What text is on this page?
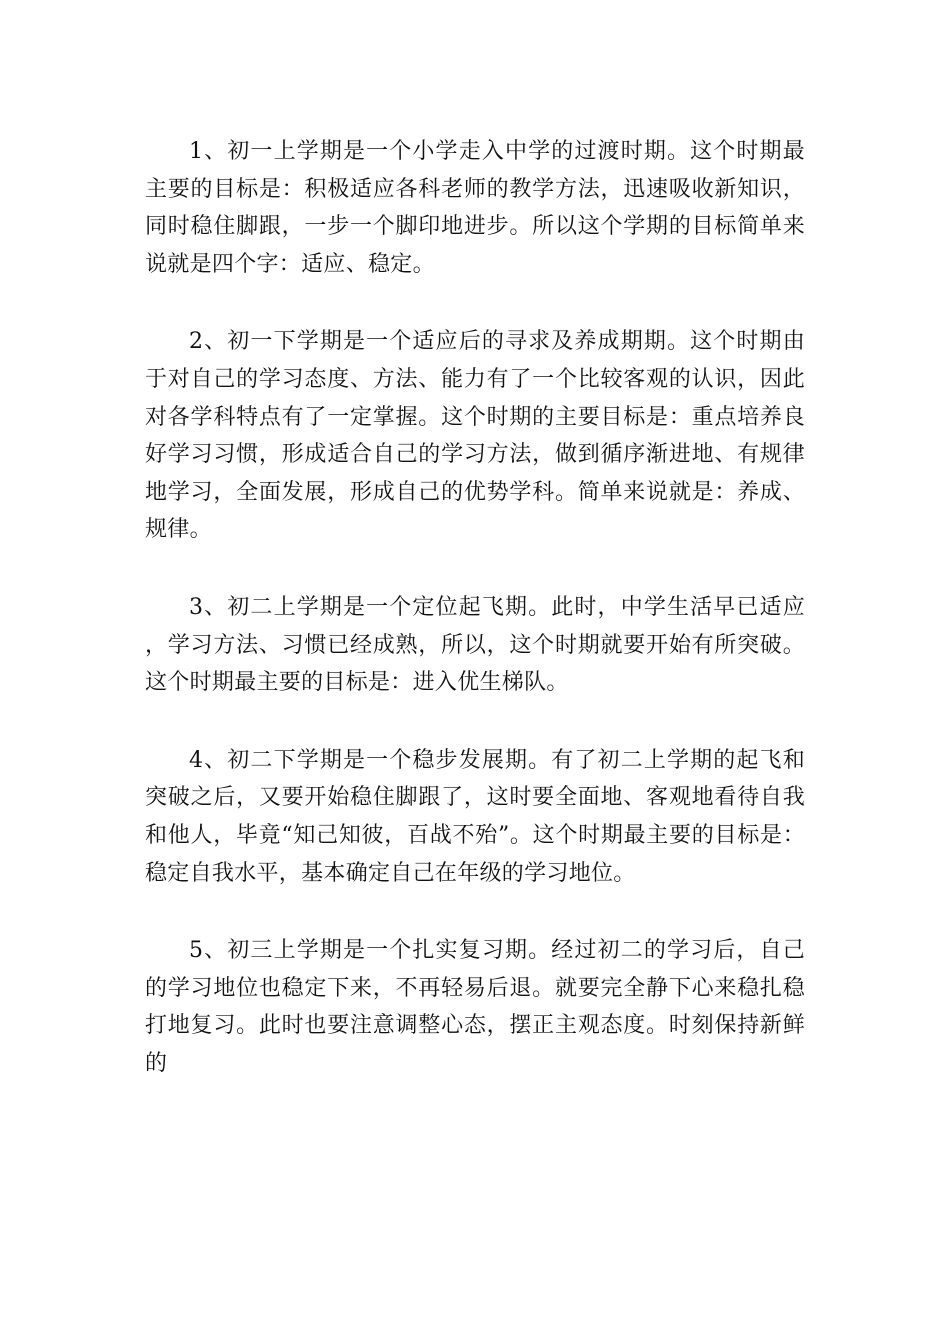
1、初一上学期是一个小学走入中学的过渡时期。这个时期最主要的目标是：积极适应各科老师的教学方法，迅速吸收新知识，同时稳住脚跟，一步一个脚印地进步。所以这个学期的目标简单来说就是四个字：适应、稳定。

2、初一下学期是一个适应后的寻求及养成期期。这个时期由于对自己的学习态度、方法、能力有了一个比较客观的认识，因此对各学科特点有了一定掌握。这个时期的主要目标是：重点培养良好学习习惯，形成适合自己的学习方法，做到循序渐进地、有规律地学习，全面发展，形成自己的优势学科。简单来说就是：养成、规律。

3、初二上学期是一个定位起飞期。此时，中学生活早已适应，学习方法、习惯已经成熟，所以，这个时期就要开始有所突破。这个时期最主要的目标是：进入优生梯队。

4、初二下学期是一个稳步发展期。有了初二上学期的起飞和突破之后，又要开始稳住脚跟了，这时要全面地、客观地看待自我和他人，毕竟“知己知彼，百战不殆”。这个时期最主要的目标是：稳定自我水平，基本确定自己在年级的学习地位。

5、初三上学期是一个扎实复习期。经过初二的学习后，自己的学习地位也稳定下来，不再轻易后退。就要完全静下心来稳扎稳打地复习。此时也要注意调整心态，摆正主观态度。时刻保持新鲜的
